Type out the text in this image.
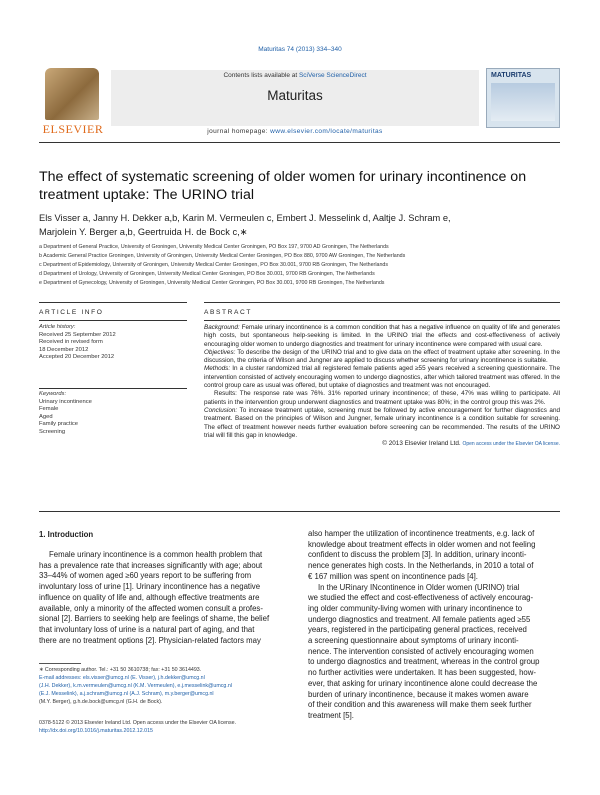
Maturitas 74 (2013) 334–340
ELSEVIER
Contents lists available at SciVerse ScienceDirect
Maturitas
journal homepage: www.elsevier.com/locate/maturitas
MATURITAS
The effect of systematic screening of older women for urinary incontinence on treatment uptake: The URINO trial
Els Visser a, Janny H. Dekker a,b, Karin M. Vermeulen c, Embert J. Messelink d, Aaltje J. Schram e,
Marjolein Y. Berger a,b, Geertruida H. de Bock c,∗
a Department of General Practice, University of Groningen, University Medical Center Groningen, PO Box 197, 9700 AD Groningen, The Netherlands
b Academic General Practice Groningen, University of Groningen, University Medical Center Groningen, PO Box 880, 9700 AW Groningen, The Netherlands
c Department of Epidemiology, University of Groningen, University Medical Center Groningen, PO Box 30.001, 9700 RB Groningen, The Netherlands
d Department of Urology, University of Groningen, University Medical Center Groningen, PO Box 30.001, 9700 RB Groningen, The Netherlands
e Department of Gynecology, University of Groningen, University Medical Center Groningen, PO Box 30.001, 9700 RB Groningen, The Netherlands
ARTICLE INFO
Article history:
Received 25 September 2012
Received in revised form
18 December 2012
Accepted 20 December 2012
Keywords:
Urinary incontinence
Female
Aged
Family practice
Screening
ABSTRACT

Background: Female urinary incontinence is a common condition that has a negative influence on quality of life and generates high costs, but spontaneous help-seeking is limited. In the URINO trial the effects and cost-effectiveness of actively encouraging older women to undergo diagnostics and treatment for urinary incontinence were compared with usual care.

Objectives: To describe the design of the URINO trial and to give data on the effect of treatment uptake after screening. In the discussion, the criteria of Wilson and Jungner are applied to discuss whether screening for urinary incontinence is suitable.

Methods: In a cluster randomized trial all registered female patients aged ≥55 years received a screening questionnaire. The intervention consisted of actively encouraging women to undergo diagnostics, after which tailored treatment was offered. In the control group care as usual was offered, but uptake of diagnostics and treatment was not encouraged.

Results: The response rate was 76%. 31% reported urinary incontinence; of these, 47% was willing to participate. All patients in the intervention group underwent diagnostics and treatment uptake was 80%; in the control group this was 2%.

Conclusion: To increase treatment uptake, screening must be followed by active encouragement for further diagnostics and treatment. Based on the principles of Wilson and Jungner, female urinary incontinence is a condition suitable for screening. The effect of treatment however needs further evaluation before screening can be recommended. The results of the URINO trial will fill this gap in knowledge.

© 2013 Elsevier Ireland Ltd. Open access under the Elsevier OA license.

1. Introduction
Female urinary incontinence is a common health problem that
has a prevalence rate that increases significantly with age; about
33–44% of women aged ≥60 years report to be suffering from
involuntary loss of urine [1]. Urinary incontinence has a negative
influence on quality of life and, although effective treatments are
available, only a minority of the affected women consult a profes-
sional [2]. Barriers to seeking help are feelings of shame, the belief
that involuntary loss of urine is a natural part of aging, and that
there are no treatment options [2]. Physician-related factors may
also hamper the utilization of incontinence treatments, e.g. lack of
knowledge about treatment effects in older women and not feeling
confident to discuss the problem [3]. In addition, urinary inconti-
nence generates high costs. In the Netherlands, in 2010 a total of
€ 167 million was spent on incontinence pads [4].
In the URinary INcontinence in Older women (URINO) trial
we studied the effect and cost-effectiveness of actively encourag-
ing older community-living women with urinary incontinence to
undergo diagnostics and treatment. All female patients aged ≥55
years, registered in the participating general practices, received
a screening questionnaire about symptoms of urinary inconti-
nence. The intervention consisted of actively encouraging women
to undergo diagnostics and treatment, whereas in the control group
no further activities were undertaken. It has been suggested, how-
ever, that asking for urinary incontinence alone could decrease the
burden of urinary incontinence, because it makes women aware
of their condition and this awareness will make them seek further
treatment [5].
∗ Corresponding author. Tel.: +31 50 3610738; fax: +31 50 3614493.
E-mail addresses: els.visser@umcg.nl (E. Visser), j.h.dekker@umcg.nl
(J.H. Dekker), k.m.vermeulen@umcg.nl (K.M. Vermeulen), e.j.messelink@umcg.nl
(E.J. Messelink), a.j.schram@umcg.nl (A.J. Schram), m.y.berger@umcg.nl
(M.Y. Berger), g.h.de.bock@umcg.nl (G.H. de Bock).
0378-5122 © 2013 Elsevier Ireland Ltd. Open access under the Elsevier OA license.
http://dx.doi.org/10.1016/j.maturitas.2012.12.015
